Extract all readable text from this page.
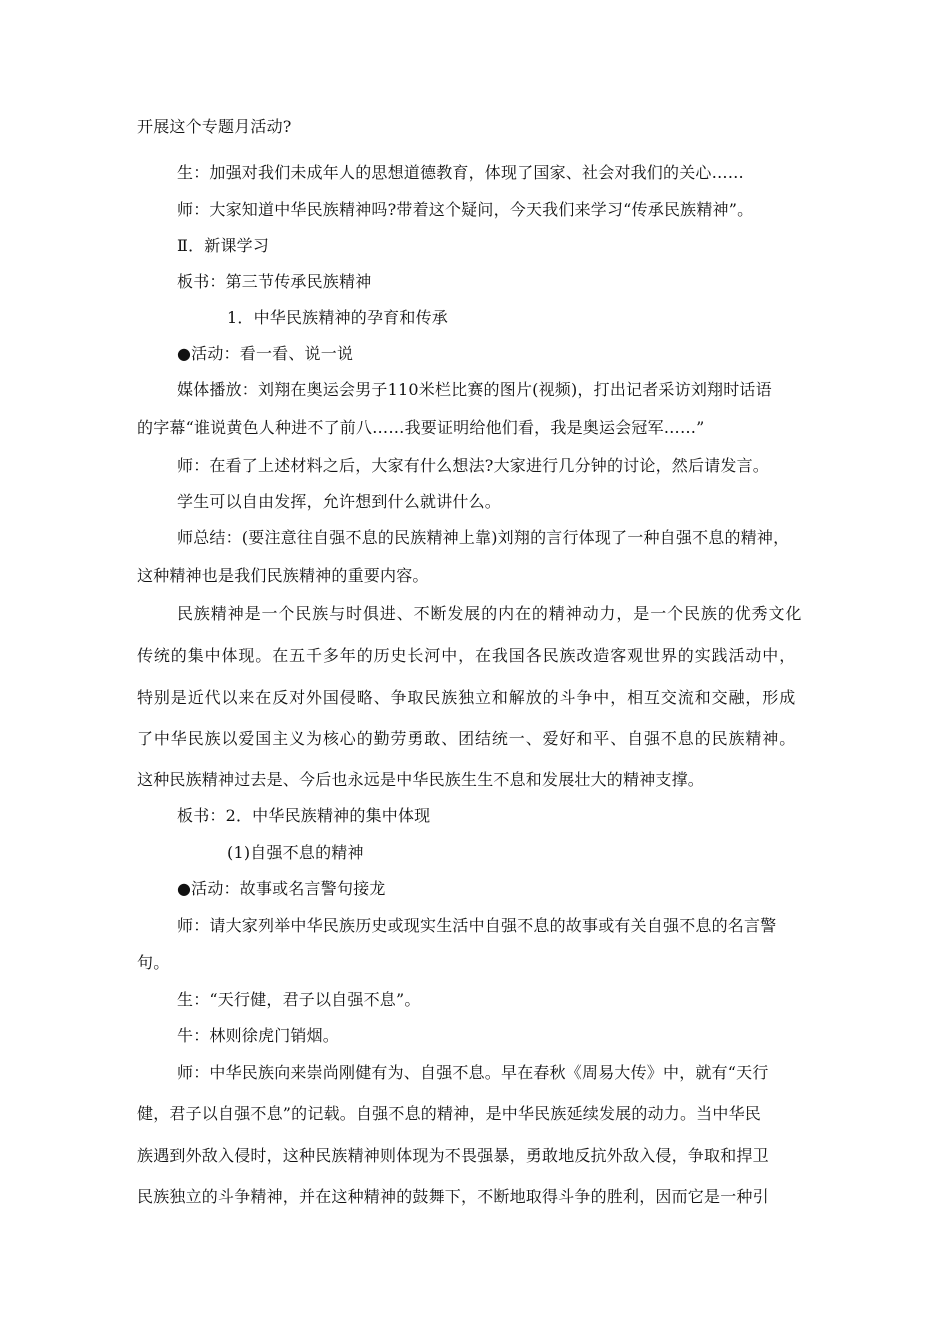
开展这个专题月活动?
生：加强对我们未成年人的思想道德教育，体现了国家、社会对我们的关心……
师：大家知道中华民族精神吗?带着这个疑问，今天我们来学习“传承民族精神”。
Ⅱ．新课学习
板书：第三节传承民族精神
1．中华民族精神的孕育和传承
●活动：看一看、说一说
媒体播放：刘翔在奥运会男子110米栏比赛的图片(视频)，打出记者采访刘翔时话语
的字幕“谁说黄色人种进不了前八……我要证明给他们看，我是奥运会冠军……”
师：在看了上述材料之后，大家有什么想法?大家进行几分钟的讨论，然后请发言。
学生可以自由发挥，允许想到什么就讲什么。
师总结：(要注意往自强不息的民族精神上靠)刘翔的言行体现了一种自强不息的精神，
这种精神也是我们民族精神的重要内容。
民族精神是一个民族与时俱进、不断发展的内在的精神动力，是一个民族的优秀文化
传统的集中体现。在五千多年的历史长河中，在我国各民族改造客观世界的实践活动中，
特别是近代以来在反对外国侵略、争取民族独立和解放的斗争中，相互交流和交融，形成
了中华民族以爱国主义为核心的勤劳勇敢、团结统一、爱好和平、自强不息的民族精神。
这种民族精神过去是、今后也永远是中华民族生生不息和发展壮大的精神支撑。
板书：2．中华民族精神的集中体现
(1)自强不息的精神
●活动：故事或名言警句接龙
师：请大家列举中华民族历史或现实生活中自强不息的故事或有关自强不息的名言警
句。
生：“天行健，君子以自强不息”。
牛：林则徐虎门销烟。
师：中华民族向来崇尚刚健有为、自强不息。早在春秋《周易大传》中，就有“天行
健，君子以自强不息”的记载。自强不息的精神，是中华民族延续发展的动力。当中华民
族遇到外敌入侵时，这种民族精神则体现为不畏强暴，勇敢地反抗外敌入侵，争取和捍卫
民族独立的斗争精神，并在这种精神的鼓舞下，不断地取得斗争的胜利，因而它是一种引
